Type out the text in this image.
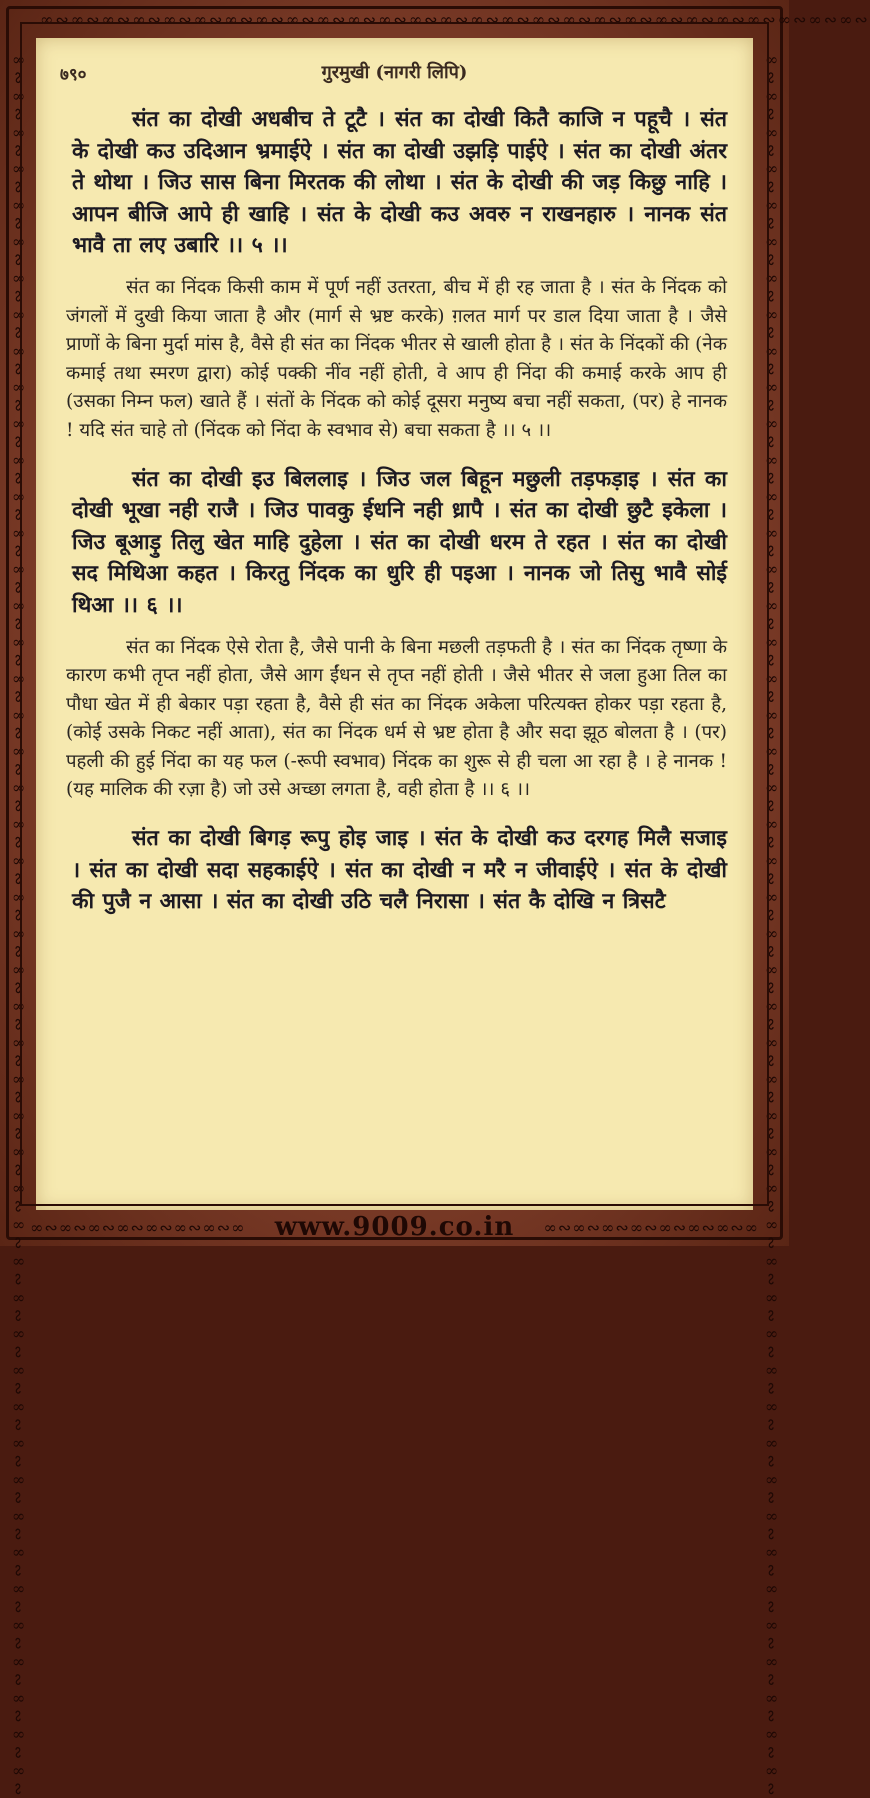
∞∾∞∾∞∾∞∾∞∾∞∾∞∾∞∾∞∾∞∾∞∾∞∾∞∾∞∾∞∾∞∾∞∾∞∾∞∾∞∾∞∾∞∾∞∾∞∾∞∾∞∾∞∾
∞∾∞∾∞∾∞∾∞∾∞∾∞∾∞∾∞∾∞∾∞∾∞∾∞∾∞∾∞∾∞∾∞∾∞∾∞∾∞∾∞∾∞∾∞∾∞∾∞∾∞∾∞∾∞∾∞∾∞∾∞∾∞∾∞∾∞∾∞∾∞∾∞∾∞∾∞∾∞∾∞∾∞∾∞∾∞∾∞∾∞∾∞∾∞∾	∞∾∞∾∞∾∞∾∞∾∞∾∞∾∞∾∞∾∞∾∞∾∞∾∞∾∞∾∞∾∞∾∞∾∞∾∞∾∞∾∞∾∞∾∞∾∞∾∞∾∞∾∞∾∞∾∞∾∞∾∞∾∞∾∞∾∞∾∞∾∞∾∞∾∞∾∞∾∞∾∞∾∞∾∞∾∞∾∞∾∞∾∞∾∞∾
७९०	गुरमुखी (नागरी लिपि)

संत का दोखी अधबीच ते टूटै । संत का दोखी कितै काजि न पहूचै । संत के दोखी कउ उदिआन भ्रमाईऐ । संत का दोखी उझड़ि पाईऐ । संत का दोखी अंतर ते थोथा । जिउ सास बिना मिरतक की लोथा । संत के दोखी की जड़ किछु नाहि । आपन बीजि आपे ही खाहि । संत के दोखी कउ अवरु न राखनहारु । नानक संत भावै ता लए उबारि ।। ५ ।।

संत का निंदक किसी काम में पूर्ण नहीं उतरता, बीच में ही रह जाता है । संत के निंदक को जंगलों में दुखी किया जाता है और (मार्ग से भ्रष्ट करके) ग़लत मार्ग पर डाल दिया जाता है । जैसे प्राणों के बिना मुर्दा मांस है, वैसे ही संत का निंदक भीतर से खाली होता है । संत के निंदकों की (नेक कमाई तथा स्मरण द्वारा) कोई पक्की नींव नहीं होती, वे आप ही निंदा की कमाई करके आप ही (उसका निम्न फल) खाते हैं । संतों के निंदक को कोई दूसरा मनुष्य बचा नहीं सकता, (पर) हे नानक ! यदि संत चाहे तो (निंदक को निंदा के स्वभाव से) बचा सकता है ।। ५ ।।

संत का दोखी इउ बिललाइ । जिउ जल बिहून मछुली तड़फड़ाइ । संत का दोखी भूखा नही राजै । जिउ पावकु ईधनि नही ध्रापै । संत का दोखी छुटै इकेला । जिउ बूआड़ु तिलु खेत माहि दुहेला । संत का दोखी धरम ते रहत । संत का दोखी सद मिथिआ कहत । किरतु निंदक का धुरि ही पइआ । नानक जो तिसु भावै सोई थिआ ।। ६ ।।

संत का निंदक ऐसे रोता है, जैसे पानी के बिना मछली तड़फती है । संत का निंदक तृष्णा के कारण कभी तृप्त नहीं होता, जैसे आग ईंधन से तृप्त नहीं होती । जैसे भीतर से जला हुआ तिल का पौधा खेत में ही बेकार पड़ा रहता है, वैसे ही संत का निंदक अकेला परित्यक्त होकर पड़ा रहता है, (कोई उसके निकट नहीं आता), संत का निंदक धर्म से भ्रष्ट होता है और सदा झूठ बोलता है । (पर) पहली की हुई निंदा का यह फल (-रूपी स्वभाव) निंदक का शुरू से ही चला आ रहा है । हे नानक ! (यह मालिक की रज़ा है) जो उसे अच्छा लगता है, वही होता है ।। ६ ।।

संत का दोखी बिगड़ रूपु होइ जाइ । संत के दोखी कउ दरगह मिलै सजाइ । संत का दोखी सदा सहकाईऐ । संत का दोखी न मरै न जीवाईऐ । संत के दोखी की पुजै न आसा । संत का दोखी उठि चलै निरासा । संत कै दोखि न त्रिसटै

∞∾∞∾∞∾∞∾∞∾∞∾∞∾∞	www.9009.co.in	∞∾∞∾∞∾∞∾∞∾∞∾∞∾∞
